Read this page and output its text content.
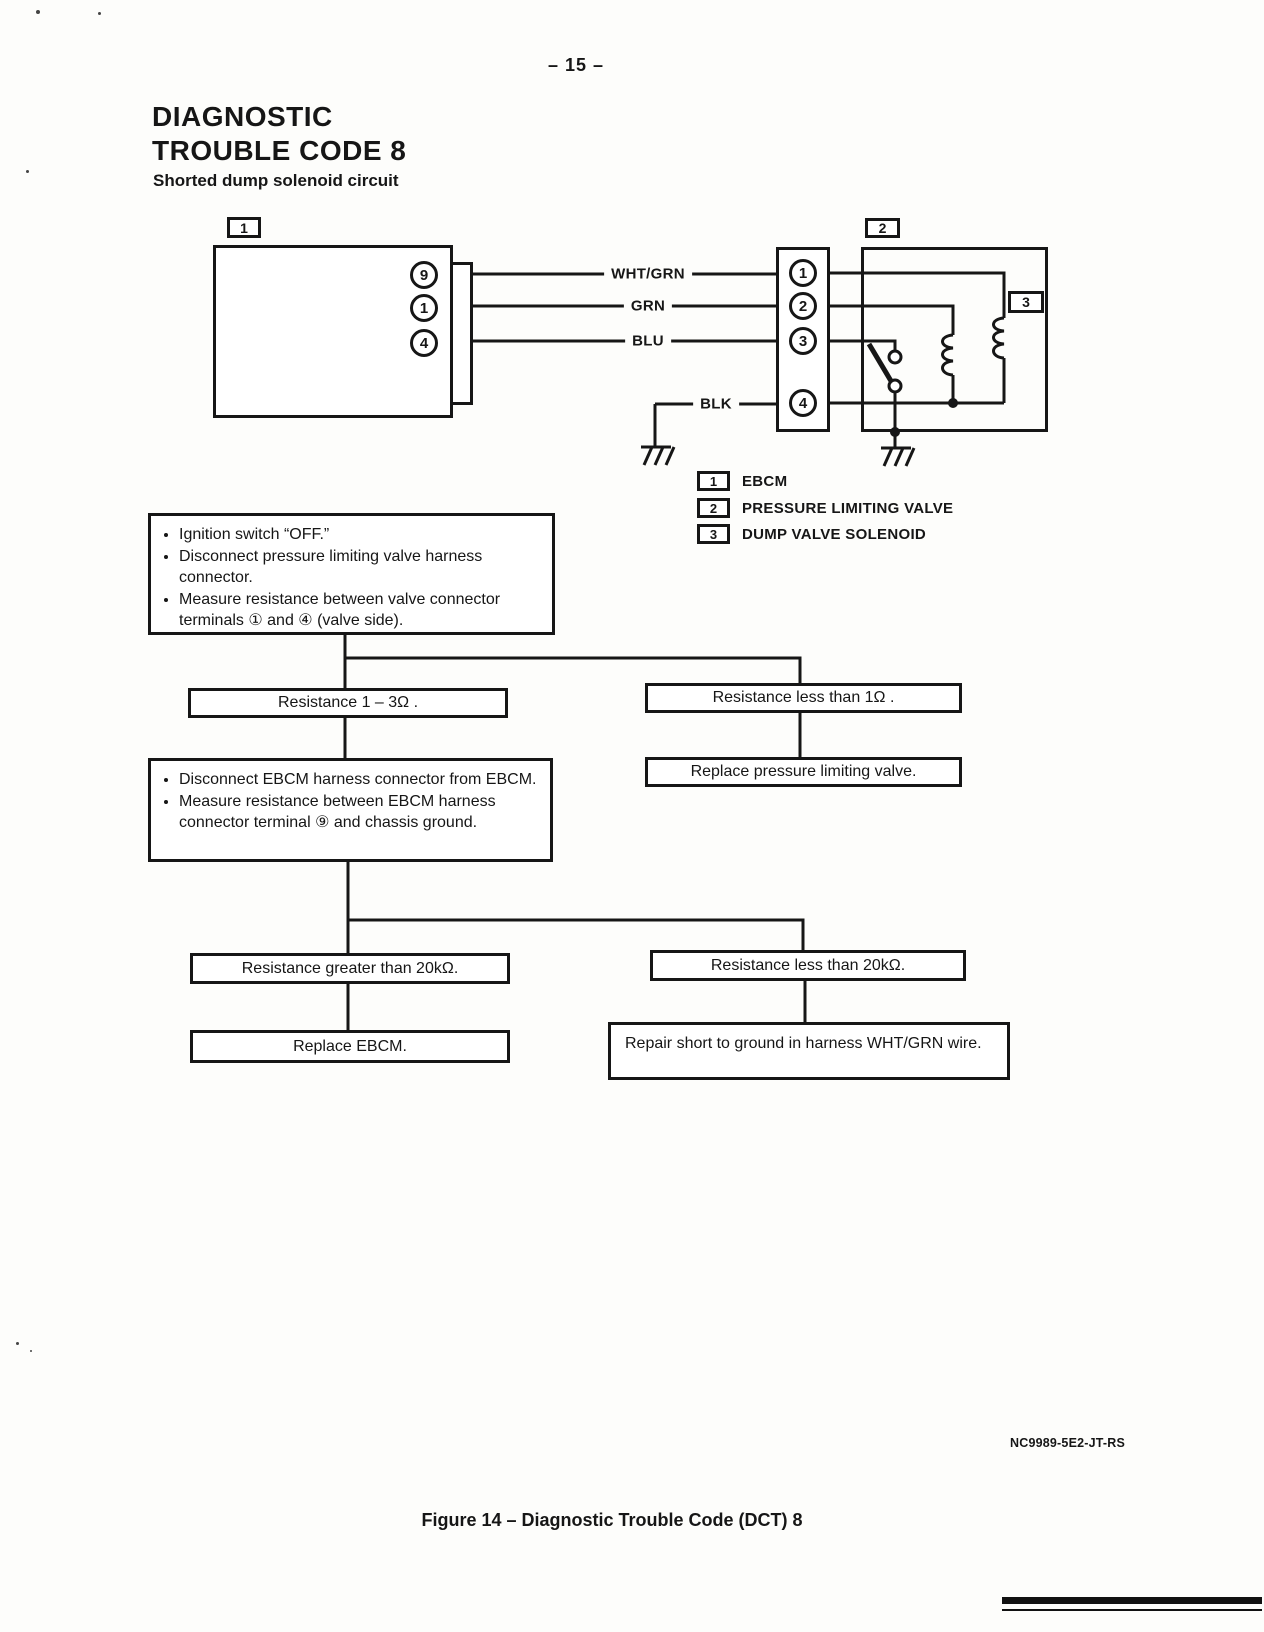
– 15 –
DIAGNOSTIC
TROUBLE CODE 8
Shorted dump solenoid circuit
1	2
3
9
1
4
WHT/GRN
GRN
BLU
BLK
1
2
3
4
1	EBCM
2	PRESSURE LIMITING VALVE
3	DUMP VALVE SOLENOID
• Ignition switch “OFF.”
• Disconnect pressure limiting valve harness connector.
• Measure resistance between valve connector terminals ① and ④ (valve side).
Resistance 1 – 3Ω .	Resistance less than 1Ω .
Replace pressure limiting valve.
• Disconnect EBCM harness connector from EBCM.
• Measure resistance between EBCM harness connector terminal ⑨ and chassis ground.
Resistance greater than 20kΩ.	Resistance less than 20kΩ.
Replace EBCM.	Repair short to ground in harness WHT/GRN wire.
NC9989-5E2-JT-RS
Figure 14 – Diagnostic Trouble Code (DCT) 8
